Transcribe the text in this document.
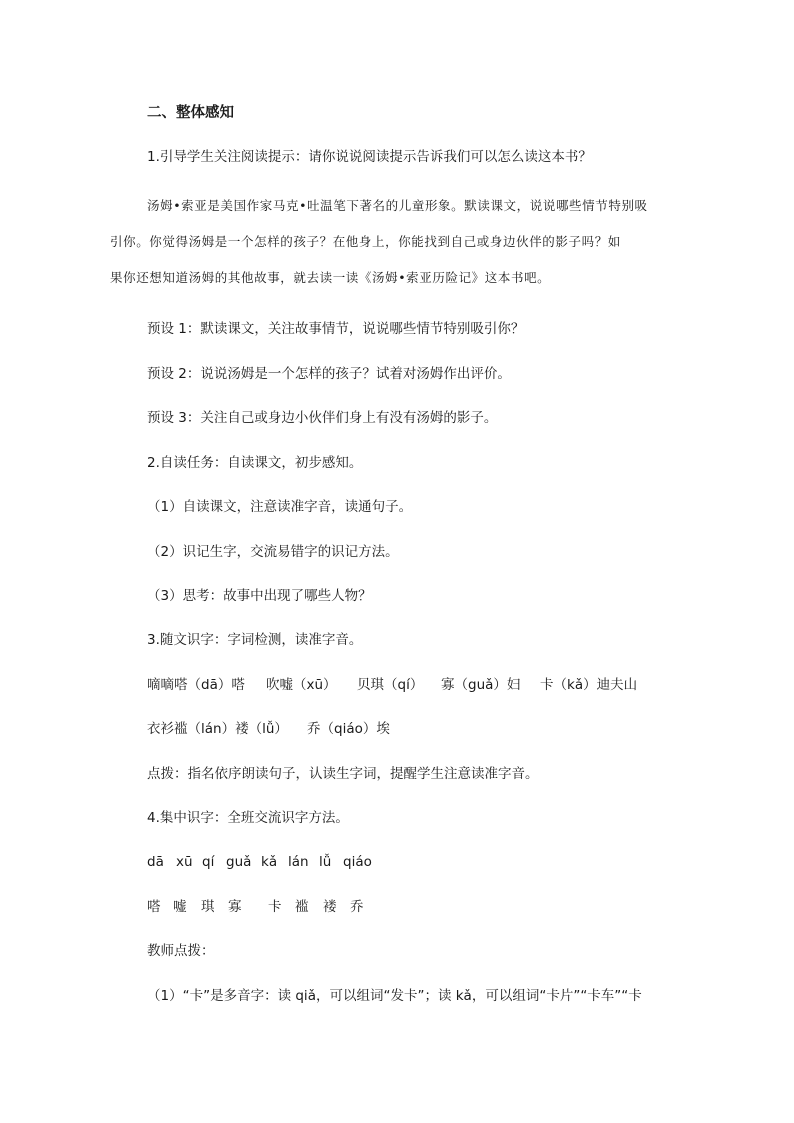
二、整体感知
1.引导学生关注阅读提示：请你说说阅读提示告诉我们可以怎么读这本书？
汤姆•索亚是美国作家马克•吐温笔下著名的儿童形象。默读课文，说说哪些情节特别吸
引你。你觉得汤姆是一个怎样的孩子？在他身上，你能找到自己或身边伙伴的影子吗？如
果你还想知道汤姆的其他故事，就去读一读《汤姆•索亚历险记》这本书吧。
预设 1：默读课文，关注故事情节，说说哪些情节特别吸引你？
预设 2：说说汤姆是一个怎样的孩子？试着对汤姆作出评价。
预设 3：关注自己或身边小伙伴们身上有没有汤姆的影子。
2.自读任务：自读课文，初步感知。
（1）自读课文，注意读准字音，读通句子。
（2）识记生字，交流易错字的识记方法。
（3）思考：故事中出现了哪些人物？
3.随文识字：字词检测，读准字音。
嘀嘀嗒（dā）嗒 吹嘘（xū） 贝琪（qí） 寡（guǎ）妇 卡（kǎ）迪夫山
衣衫褴（lán）褛（lǚ） 乔（qiáo）埃
点拨：指名依序朗读句子，认读生字词，提醒学生注意读准字音。
4.集中识字：全班交流识字方法。
dā xū qí guǎ kǎ lán lǚ qiáo
嗒 嘘 琪 寡 卡 褴 褛 乔
教师点拨：
（1）“卡”是多音字：读 qiǎ，可以组词“发卡”；读 kǎ，可以组词“卡片”“卡车”“卡
